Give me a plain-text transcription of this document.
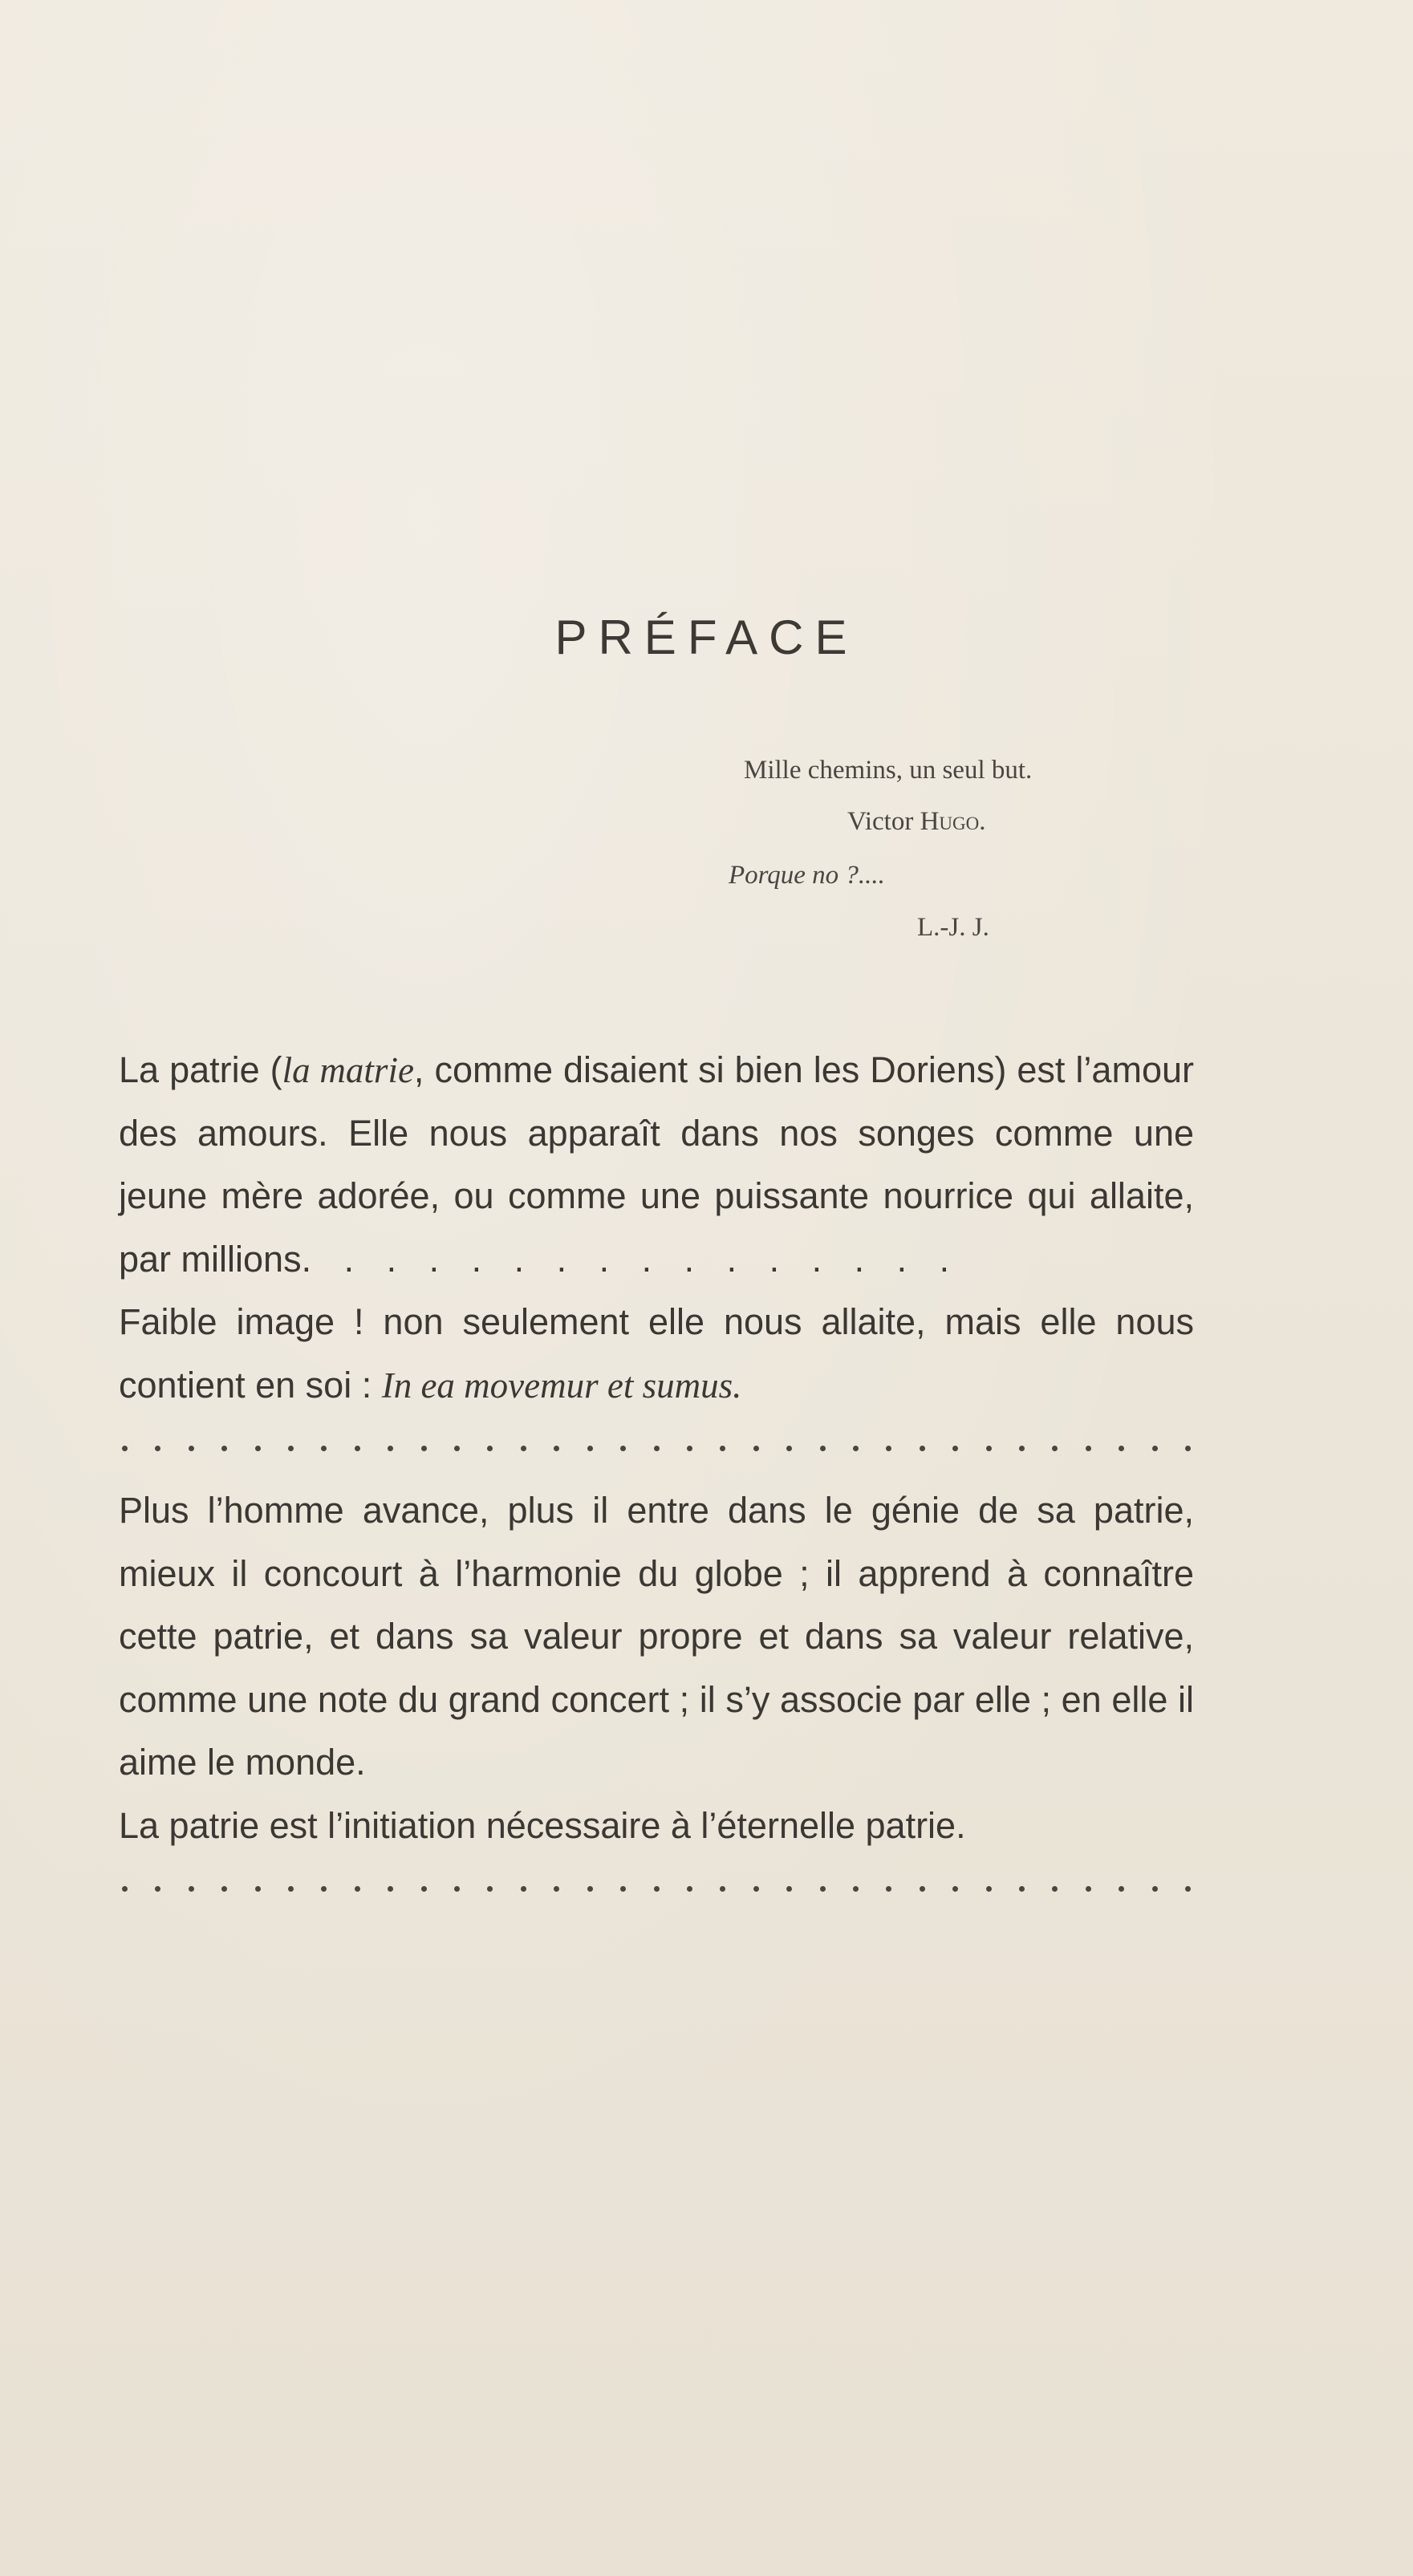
PRÉFACE
Mille chemins, un seul but.
Victor Hugo.
Porque no ?....
L.-J. J.

La patrie (la matrie, comme disaient si bien les Doriens) est l’amour des amours. Elle nous apparaît dans nos songes comme une jeune mère adorée, ou comme une puissante nourrice qui allaite, par millions. . . . . . . . . . . . . . . .

Faible image ! non seulement elle nous allaite, mais elle nous contient en soi : In ea movemur et sumus.

Plus l’homme avance, plus il entre dans le génie de sa patrie, mieux il concourt à l’harmonie du globe ; il apprend à connaître cette patrie, et dans sa valeur propre et dans sa valeur relative, comme une note du grand concert ; il s’y associe par elle ; en elle il aime le monde.

La patrie est l’initiation nécessaire à l’éternelle patrie.
